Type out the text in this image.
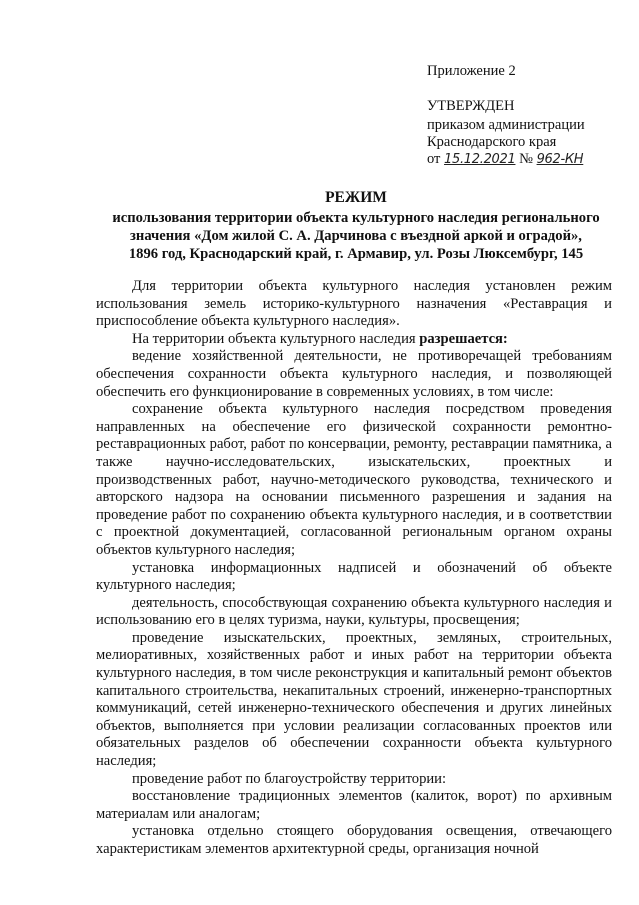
Приложение 2
УТВЕРЖДЕН
приказом администрации
Краснодарского края
от 15.12.2021 № 962-КН
РЕЖИМ
использования территории объекта культурного наследия регионального
значения «Дом жилой С. А. Дарчинова с въездной аркой и оградой»,
1896 год, Краснодарский край, г. Армавир, ул. Розы Люксембург, 145

Для территории объекта культурного наследия установлен режим использования земель историко-культурного назначения «Реставрация и приспособление объекта культурного наследия».

На территории объекта культурного наследия разрешается:

ведение хозяйственной деятельности, не противоречащей требованиям обеспечения сохранности объекта культурного наследия, и позволяющей обеспечить его функционирование в современных условиях, в том числе:

сохранение объекта культурного наследия посредством проведения направленных на обеспечение его физической сохранности ремонтно-реставрационных работ, работ по консервации, ремонту, реставрации памятника, а также научно-исследовательских, изыскательских, проектных и производственных работ, научно-методического руководства, технического и авторского надзора на основании письменного разрешения и задания на проведение работ по сохранению объекта культурного наследия, и в соответствии с проектной документацией, согласованной региональным органом охраны объектов культурного наследия;

установка информационных надписей и обозначений об объекте культурного наследия;

деятельность, способствующая сохранению объекта культурного наследия и использованию его в целях туризма, науки, культуры, просвещения;

проведение изыскательских, проектных, земляных, строительных, мелиоративных, хозяйственных работ и иных работ на территории объекта культурного наследия, в том числе реконструкция и капитальный ремонт объектов капитального строительства, некапитальных строений, инженерно-транспортных коммуникаций, сетей инженерно-технического обеспечения и других линейных объектов, выполняется при условии реализации согласованных проектов или обязательных разделов об обеспечении сохранности объекта культурного наследия;

проведение работ по благоустройству территории:

восстановление традиционных элементов (калиток, ворот) по архивным материалам или аналогам;

установка отдельно стоящего оборудования освещения, отвечающего характеристикам элементов архитектурной среды, организация ночной
